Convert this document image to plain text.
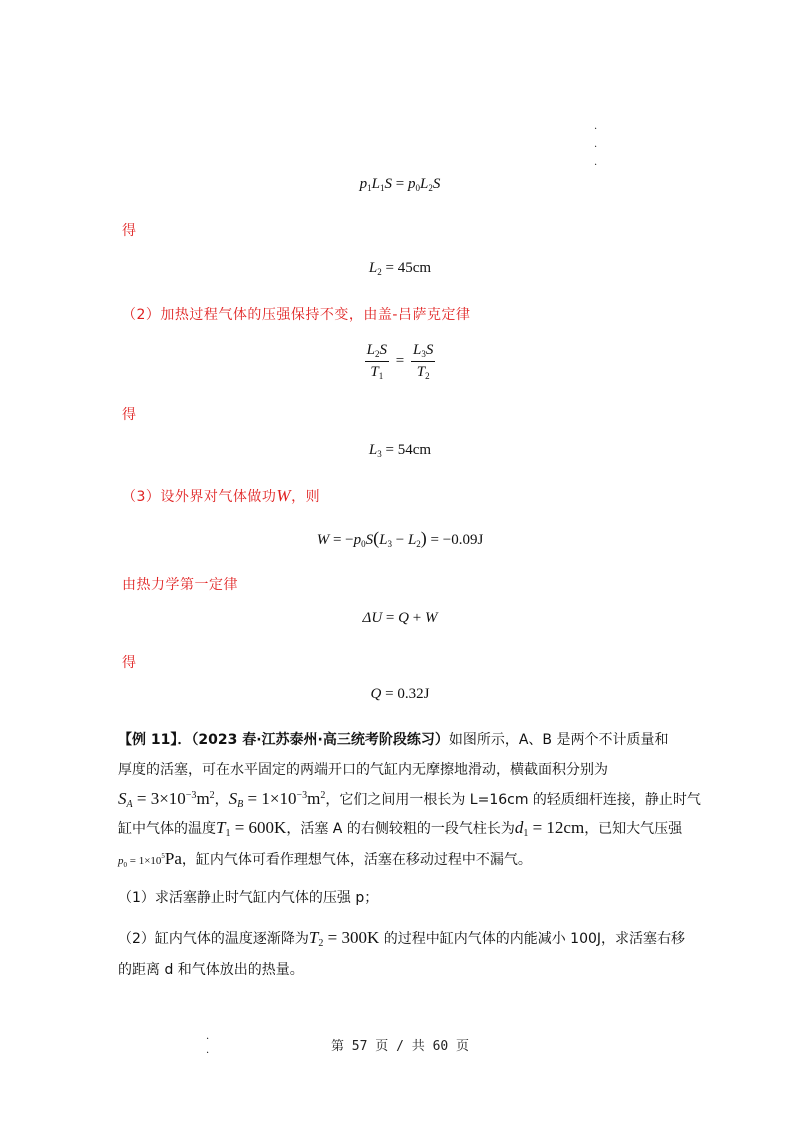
.
.
.
$p_1L_1S = p_0L_2S$
得
$L_2 = 45cm$
（2）加热过程气体的压强保持不变，由盖-吕萨克定律
$\frac{L_2S}{T_1} = \frac{L_3S}{T_2}$
得
$L_3 = 54cm$
（3）设外界对气体做功W，则
$W = -p_0S(L_3 - L_2) = -0.09J$
由热力学第一定律
ΔU = Q + W
得
Q = 0.32J
【例 11】．（2023 春·江苏泰州·高三统考阶段练习）如图所示，A、B 是两个不计质量和
厚度的活塞，可在水平固定的两端开口的气缸内无摩擦地滑动，横截面积分别为
$S_A = 3\times 10^{-3}m^2$，$S_B = 1\times 10^{-3}m^2$，它们之间用一根长为 L=16cm 的轻质细杆连接，静止时气
缸中气体的温度$T_1 = 600K$，活塞 A 的右侧较粗的一段气柱长为$d_1 = 12cm$，已知大气压强
$p_0 = 1\times 10^5Pa$，缸内气体可看作理想气体，活塞在移动过程中不漏气。
（1）求活塞静止时气缸内气体的压强 p；
（2）缸内气体的温度逐渐降为$T_2 = 300K$ 的过程中缸内气体的内能减小 100J，求活塞右移
的距离 d 和气体放出的热量。
.
.	第 57 页 / 共 60 页
